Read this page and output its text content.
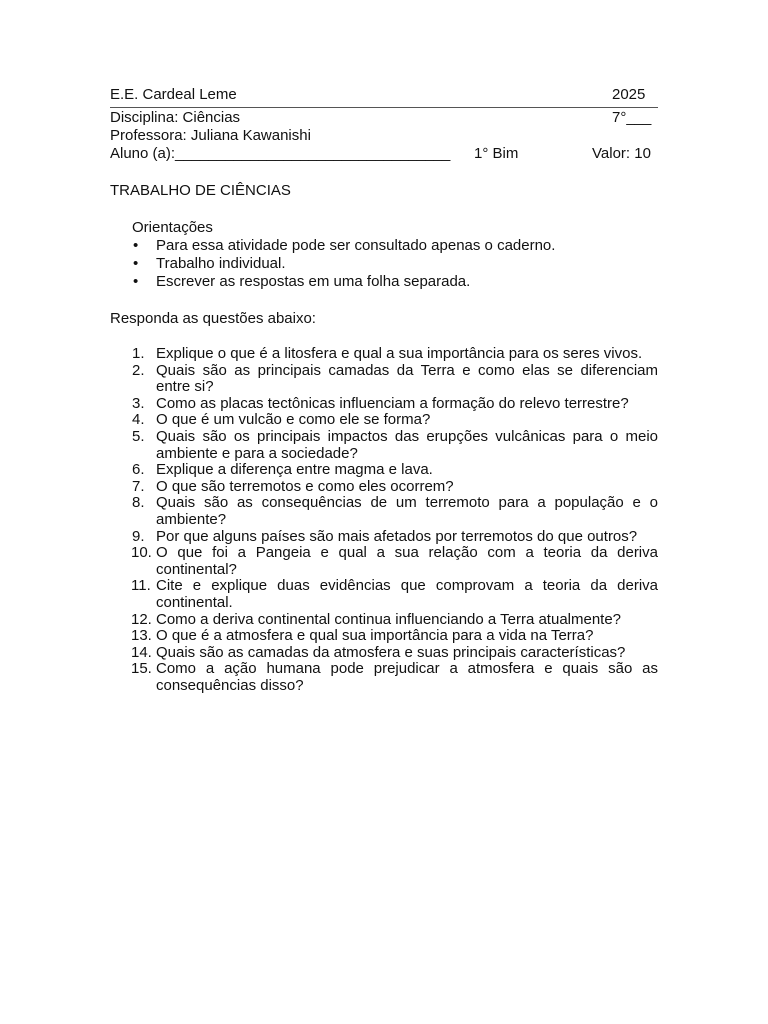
E.E. Cardeal Leme	2025
Disciplina: Ciências	7°___
Professora: Juliana Kawanishi
Aluno (a):_________________________________ 1° Bim	Valor: 10
TRABALHO DE CIÊNCIAS
Orientações
• Para essa atividade pode ser consultado apenas o caderno.
• Trabalho individual.
• Escrever as respostas em uma folha separada.
Responda as questões abaixo:
1. Explique o que é a litosfera e qual a sua importância para os seres vivos.
2. Quais são as principais camadas da Terra e como elas se diferenciam entre si?
3. Como as placas tectônicas influenciam a formação do relevo terrestre?
4. O que é um vulcão e como ele se forma?
5. Quais são os principais impactos das erupções vulcânicas para o meio ambiente e para a sociedade?
6. Explique a diferença entre magma e lava.
7. O que são terremotos e como eles ocorrem?
8. Quais são as consequências de um terremoto para a população e o ambiente?
9. Por que alguns países são mais afetados por terremotos do que outros?
10. O que foi a Pangeia e qual a sua relação com a teoria da deriva continental?
11. Cite e explique duas evidências que comprovam a teoria da deriva continental.
12. Como a deriva continental continua influenciando a Terra atualmente?
13. O que é a atmosfera e qual sua importância para a vida na Terra?
14. Quais são as camadas da atmosfera e suas principais características?
15. Como a ação humana pode prejudicar a atmosfera e quais são as consequências disso?
